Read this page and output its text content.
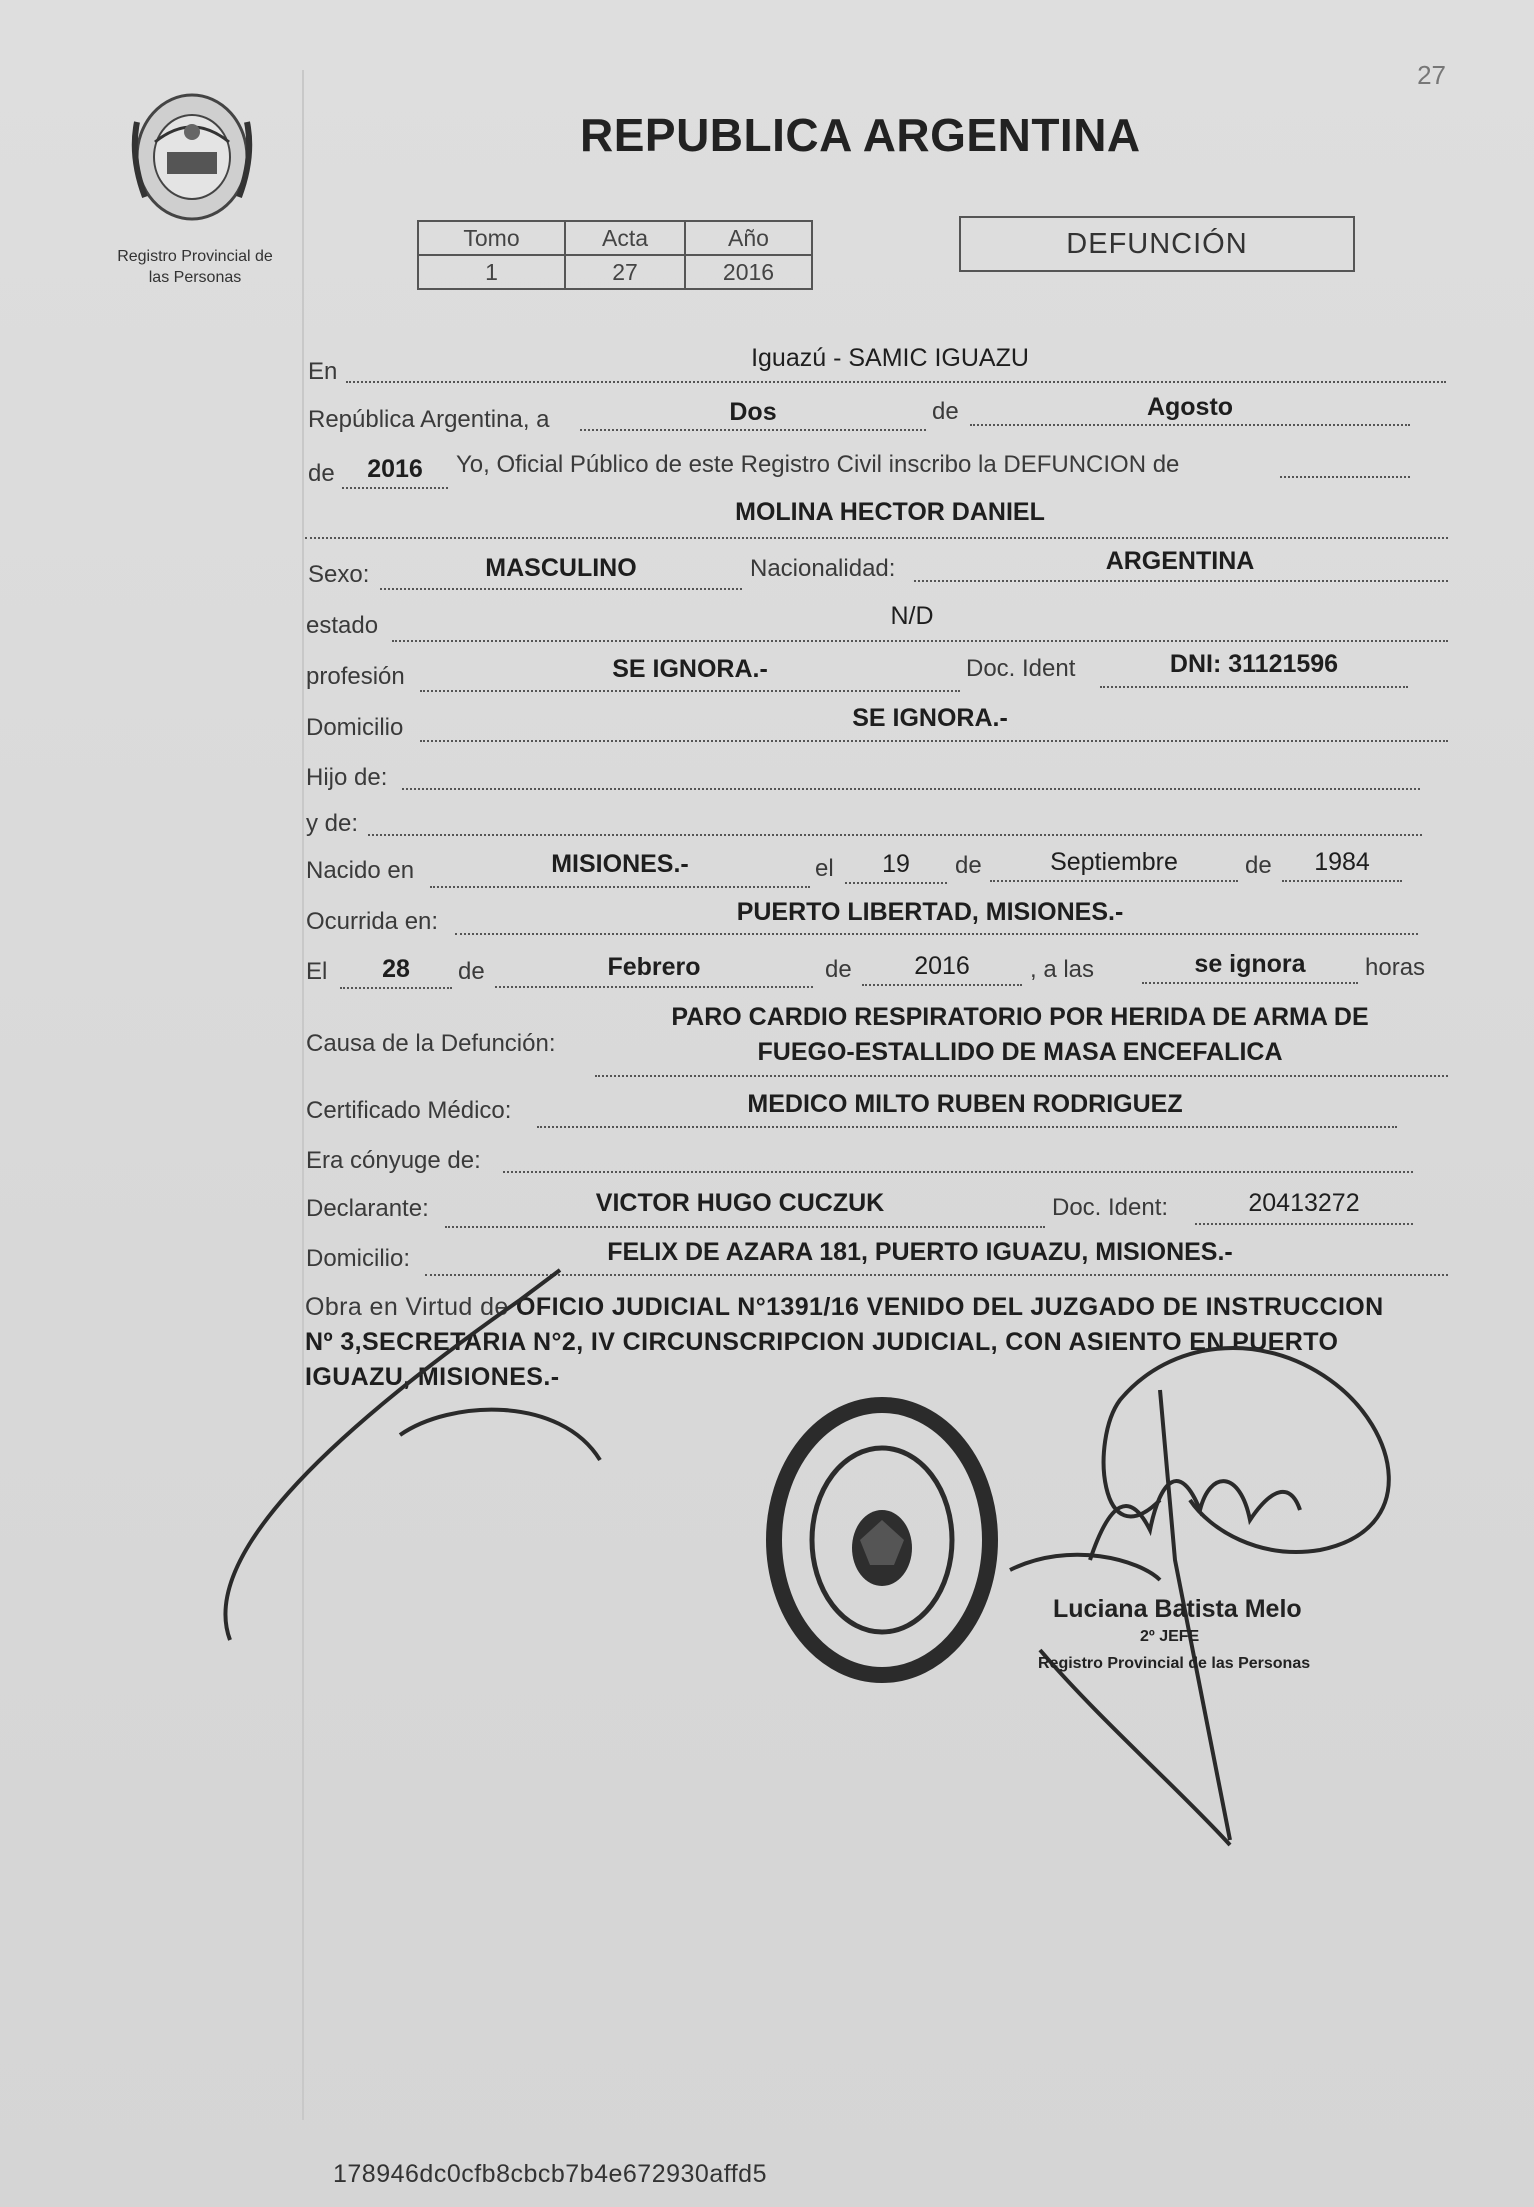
27
Registro Provincial de
las Personas
REPUBLICA ARGENTINA
Tomo	Acta	Año
1	27	2016
DEFUNCIÓN
En	Iguazú - SAMIC IGUAZU
República Argentina, a	Dos	de	Agosto
de	2016	Yo, Oficial Público de este Registro Civil inscribo la DEFUNCION de
MOLINA HECTOR DANIEL
Sexo:	MASCULINO	Nacionalidad:	ARGENTINA
estado	N/D
profesión	SE IGNORA.-	Doc. Ident	DNI: 31121596
Domicilio	SE IGNORA.-
Hijo de:
y de:
Nacido en	MISIONES.-	el	19	de	Septiembre	de	1984
Ocurrida en:	PUERTO LIBERTAD, MISIONES.-
El	28	de	Febrero	de	2016	, a las	se ignora	horas
Causa de la Defunción:
PARO CARDIO RESPIRATORIO POR HERIDA DE ARMA DE
FUEGO-ESTALLIDO DE MASA ENCEFALICA
Certificado Médico:	MEDICO MILTO RUBEN RODRIGUEZ
Era cónyuge de:
Declarante:	VICTOR HUGO CUCZUK	Doc. Ident:	20413272
Domicilio:	FELIX DE AZARA 181, PUERTO IGUAZU, MISIONES.-
Obra en Virtud de OFICIO JUDICIAL N°1391/16 VENIDO DEL JUZGADO DE INSTRUCCION
Nº 3,SECRETARIA N°2, IV CIRCUNSCRIPCION JUDICIAL, CON ASIENTO EN PUERTO
IGUAZU, MISIONES.-
Luciana Batista Melo
2º JEFE
Registro Provincial de las Personas
178946dc0cfb8cbcb7b4e672930affd5
